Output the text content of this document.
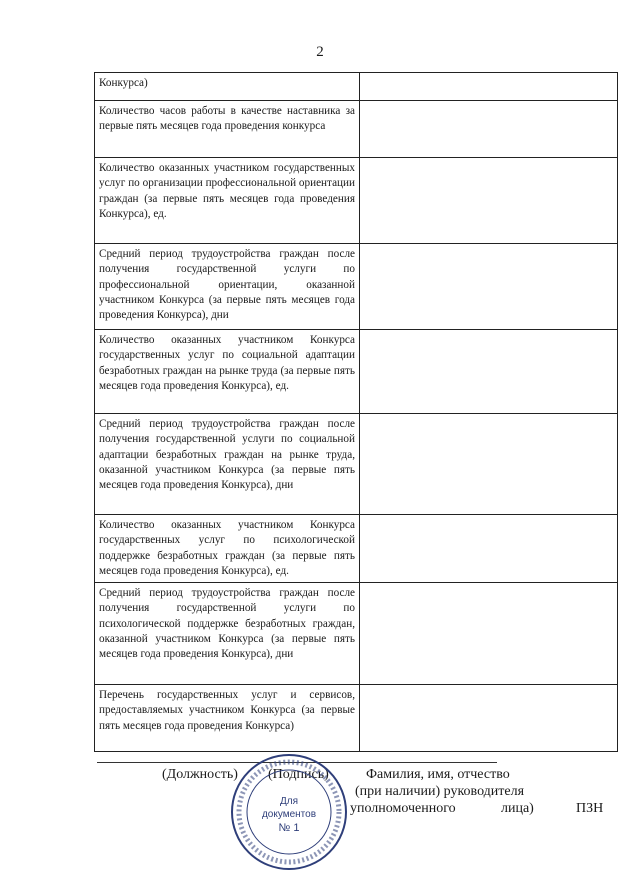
2
Конкурса)	
Количество часов работы в качестве наставника за первые пять месяцев года проведения конкурса	
Количество оказанных участником государственных услуг по организации профессиональной ориентации граждан (за первые пять месяцев года проведения Конкурса), ед.	
Средний период трудоустройства граждан после получения государственной услуги по профессиональной ориентации, оказанной участником Конкурса (за первые пять месяцев года проведения Конкурса), дни	
Количество оказанных участником Конкурса государственных услуг по социальной адаптации безработных граждан на рынке труда (за первые пять месяцев года проведения Конкурса), ед.	
Средний период трудоустройства граждан после получения государственной услуги по социальной адаптации безработных граждан на рынке труда, оказанной участником Конкурса (за первые пять месяцев года проведения Конкурса), дни	
Количество оказанных участником Конкурса государственных услуг по психологической поддержке безработных граждан (за первые пять месяцев года проведения Конкурса), ед.	
Средний период трудоустройства граждан после получения государственной услуги по психологической поддержке безработных граждан, оказанной участником Конкурса (за первые пять месяцев года проведения Конкурса), дни	
Перечень государственных услуг и сервисов, предоставляемых участником Конкурса (за первые пять месяцев года проведения Конкурса)	
(Должность) (Подпись)	Фамилия, имя, отчество
(при наличии) руководителя
уполномоченного	лица)	ПЗН
Для
документов
№ 1
